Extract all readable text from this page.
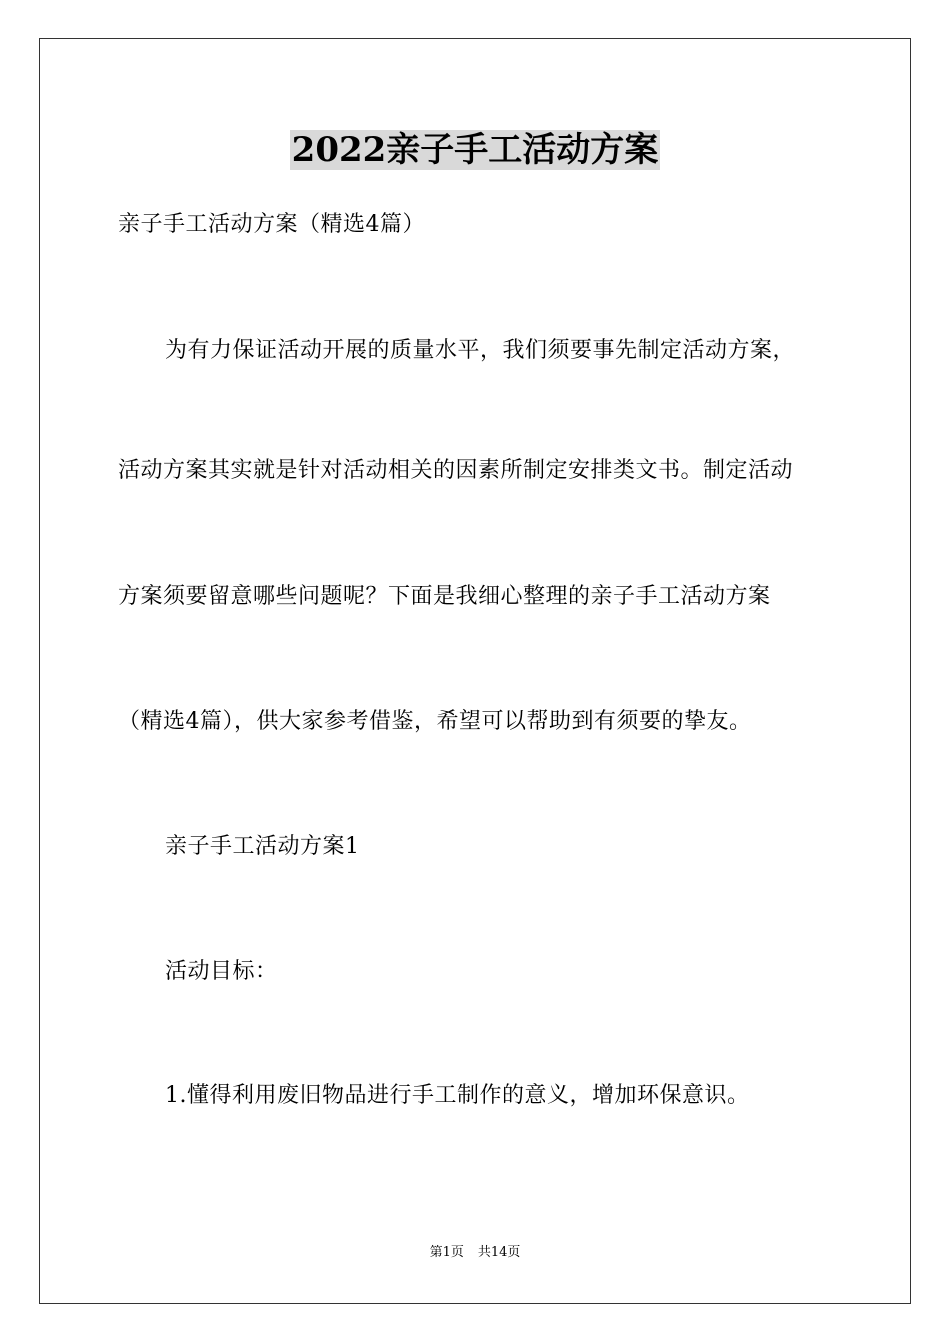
2022亲子手工活动方案
亲子手工活动方案（精选4篇）
为有力保证活动开展的质量水平，我们须要事先制定活动方案，
活动方案其实就是针对活动相关的因素所制定安排类文书。制定活动
方案须要留意哪些问题呢？下面是我细心整理的亲子手工活动方案
（精选4篇），供大家参考借鉴，希望可以帮助到有须要的挚友。
亲子手工活动方案1
活动目标：
1.懂得利用废旧物品进行手工制作的意义，增加环保意识。
第1页 共14页
